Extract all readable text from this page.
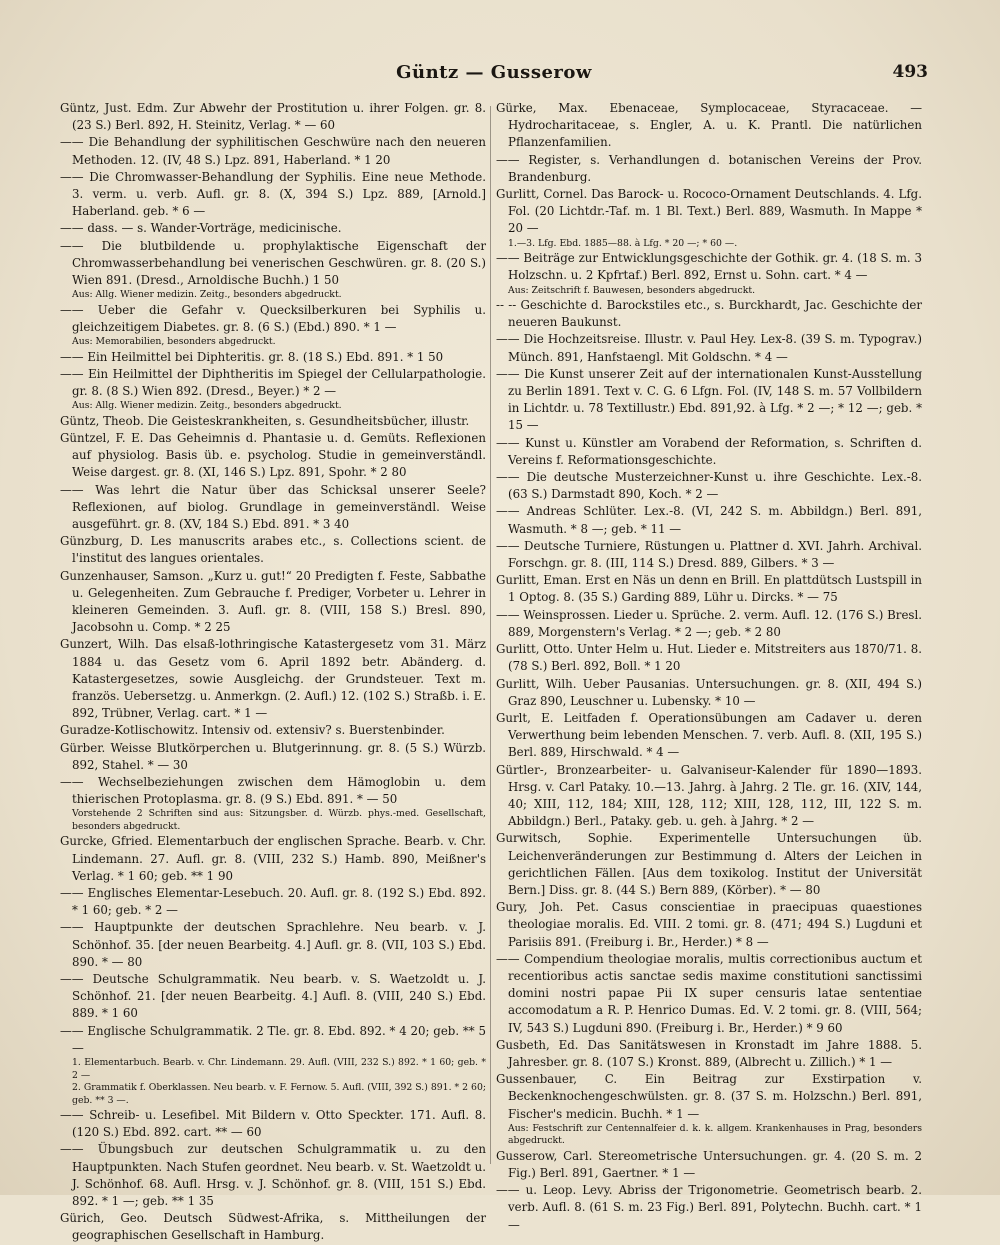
Güntz — Gusserow	493

Güntz, Just. Edm. Zur Abwehr der Prostitution u. ihrer Folgen. gr. 8. (23 S.) Berl. 892, H. Steinitz, Verlag. * — 60

—— Die Behandlung der syphilitischen Geschwüre nach den neueren Methoden. 12. (IV, 48 S.) Lpz. 891, Haberland. * 1 20

—— Die Chromwasser-Behandlung der Syphilis. Eine neue Methode. 3. verm. u. verb. Aufl. gr. 8. (X, 394 S.) Lpz. 889, [Arnold.] Haberland. geb. * 6 —

—— dass. — s. Wander-Vorträge, medicinische.

—— Die blutbildende u. prophylaktische Eigenschaft der Chromwasserbehandlung bei venerischen Geschwüren. gr. 8. (20 S.) Wien 891. (Dresd., Arnoldische Buchh.) 1 50

Aus: Allg. Wiener medizin. Zeitg., besonders abgedruckt.

—— Ueber die Gefahr v. Quecksilberkuren bei Syphilis u. gleichzeitigem Diabetes. gr. 8. (6 S.) (Ebd.) 890. * 1 —

Aus: Memorabilien, besonders abgedruckt.

—— Ein Heilmittel bei Diphteritis. gr. 8. (18 S.) Ebd. 891. * 1 50

—— Ein Heilmittel der Diphtheritis im Spiegel der Cellularpathologie. gr. 8. (8 S.) Wien 892. (Dresd., Beyer.) * 2 —

Aus: Allg. Wiener medizin. Zeitg., besonders abgedruckt.

Güntz, Theob. Die Geisteskrankheiten, s. Gesundheitsbücher, illustr.

Güntzel, F. E. Das Geheimnis d. Phantasie u. d. Gemüts. Reflexionen auf physiolog. Basis üb. e. psycholog. Studie in gemeinverständl. Weise dargest. gr. 8. (XI, 146 S.) Lpz. 891, Spohr. * 2 80

—— Was lehrt die Natur über das Schicksal unserer Seele? Reflexionen, auf biolog. Grundlage in gemeinverständl. Weise ausgeführt. gr. 8. (XV, 184 S.) Ebd. 891. * 3 40

Günzburg, D. Les manuscrits arabes etc., s. Collections scient. de l'institut des langues orientales.

Gunzenhauser, Samson. „Kurz u. gut!“ 20 Predigten f. Feste, Sabbathe u. Gelegenheiten. Zum Gebrauche f. Prediger, Vorbeter u. Lehrer in kleineren Gemeinden. 3. Aufl. gr. 8. (VIII, 158 S.) Bresl. 890, Jacobsohn u. Comp. * 2 25

Gunzert, Wilh. Das elsaß-lothringische Katastergesetz vom 31. März 1884 u. das Gesetz vom 6. April 1892 betr. Abänderg. d. Katastergesetzes, sowie Ausgleichg. der Grundsteuer. Text m. französ. Uebersetzg. u. Anmerkgn. (2. Aufl.) 12. (102 S.) Straßb. i. E. 892, Trübner, Verlag. cart. * 1 —

Guradze-Kotlischowitz. Intensiv od. extensiv? s. Buerstenbinder.

Gürber. Weisse Blutkörperchen u. Blutgerinnung. gr. 8. (5 S.) Würzb. 892, Stahel. * — 30

—— Wechselbeziehungen zwischen dem Hämoglobin u. dem thierischen Protoplasma. gr. 8. (9 S.) Ebd. 891. * — 50

Vorstehende 2 Schriften sind aus: Sitzungsber. d. Würzb. phys.-med. Gesellschaft, besonders abgedruckt.

Gurcke, Gfried. Elementarbuch der englischen Sprache. Bearb. v. Chr. Lindemann. 27. Aufl. gr. 8. (VIII, 232 S.) Hamb. 890, Meißner's Verlag. * 1 60; geb. ** 1 90

—— Englisches Elementar-Lesebuch. 20. Aufl. gr. 8. (192 S.) Ebd. 892. * 1 60; geb. * 2 —

—— Hauptpunkte der deutschen Sprachlehre. Neu bearb. v. J. Schönhof. 35. [der neuen Bearbeitg. 4.] Aufl. gr. 8. (VII, 103 S.) Ebd. 890. * — 80

—— Deutsche Schulgrammatik. Neu bearb. v. S. Waetzoldt u. J. Schönhof. 21. [der neuen Bearbeitg. 4.] Aufl. 8. (VIII, 240 S.) Ebd. 889. * 1 60

—— Englische Schulgrammatik. 2 Tle. gr. 8. Ebd. 892. * 4 20; geb. ** 5 —

1. Elementarbuch. Bearb. v. Chr. Lindemann. 29. Aufl. (VIII, 232 S.) 892. * 1 60; geb. * 2 —

2. Grammatik f. Oberklassen. Neu bearb. v. F. Fernow. 5. Aufl. (VIII, 392 S.) 891. * 2 60; geb. ** 3 —.

—— Schreib- u. Lesefibel. Mit Bildern v. Otto Speckter. 171. Aufl. 8. (120 S.) Ebd. 892. cart. ** — 60

—— Übungsbuch zur deutschen Schulgrammatik u. zu den Hauptpunkten. Nach Stufen geordnet. Neu bearb. v. St. Waetzoldt u. J. Schönhof. 68. Aufl. Hrsg. v. J. Schönhof. gr. 8. (VIII, 151 S.) Ebd. 892. * 1 —; geb. ** 1 35

Gürich, Geo. Deutsch Südwest-Afrika, s. Mittheilungen der geographischen Gesellschaft in Hamburg.

Gürke, Max. Ebenaceae, Symplocaceae, Styracaceae. — Hydrocharitaceae, s. Engler, A. u. K. Prantl. Die natürlichen Pflanzenfamilien.

—— Register, s. Verhandlungen d. botanischen Vereins der Prov. Brandenburg.

Gurlitt, Cornel. Das Barock- u. Rococo-Ornament Deutschlands. 4. Lfg. Fol. (20 Lichtdr.-Taf. m. 1 Bl. Text.) Berl. 889, Wasmuth. In Mappe * 20 —

1.—3. Lfg. Ebd. 1885—88. à Lfg. * 20 —; * 60 —.

—— Beiträge zur Entwicklungsgeschichte der Gothik. gr. 4. (18 S. m. 3 Holzschn. u. 2 Kpfrtaf.) Berl. 892, Ernst u. Sohn. cart. * 4 —

Aus: Zeitschrift f. Bauwesen, besonders abgedruckt.

-- -- Geschichte d. Barockstiles etc., s. Burckhardt, Jac. Geschichte der neueren Baukunst.

—— Die Hochzeitsreise. Illustr. v. Paul Hey. Lex-8. (39 S. m. Typograv.) Münch. 891, Hanfstaengl. Mit Goldschn. * 4 —

—— Die Kunst unserer Zeit auf der internationalen Kunst-Ausstellung zu Berlin 1891. Text v. C. G. 6 Lfgn. Fol. (IV, 148 S. m. 57 Vollbildern in Lichtdr. u. 78 Textillustr.) Ebd. 891,92. à Lfg. * 2 —; * 12 —; geb. * 15 —

—— Kunst u. Künstler am Vorabend der Reformation, s. Schriften d. Vereins f. Reformationsgeschichte.

—— Die deutsche Musterzeichner-Kunst u. ihre Geschichte. Lex.-8. (63 S.) Darmstadt 890, Koch. * 2 —

—— Andreas Schlüter. Lex.-8. (VI, 242 S. m. Abbildgn.) Berl. 891, Wasmuth. * 8 —; geb. * 11 —

—— Deutsche Turniere, Rüstungen u. Plattner d. XVI. Jahrh. Archival. Forschgn. gr. 8. (III, 114 S.) Dresd. 889, Gilbers. * 3 —

Gurlitt, Eman. Erst en Näs un denn en Brill. En plattdütsch Lustspill in 1 Optog. 8. (35 S.) Garding 889, Lühr u. Dircks. * — 75

—— Weinsprossen. Lieder u. Sprüche. 2. verm. Aufl. 12. (176 S.) Bresl. 889, Morgenstern's Verlag. * 2 —; geb. * 2 80

Gurlitt, Otto. Unter Helm u. Hut. Lieder e. Mitstreiters aus 1870/71. 8. (78 S.) Berl. 892, Boll. * 1 20

Gurlitt, Wilh. Ueber Pausanias. Untersuchungen. gr. 8. (XII, 494 S.) Graz 890, Leuschner u. Lubensky. * 10 —

Gurlt, E. Leitfaden f. Operationsübungen am Cadaver u. deren Verwerthung beim lebenden Menschen. 7. verb. Aufl. 8. (XII, 195 S.) Berl. 889, Hirschwald. * 4 —

Gürtler-, Bronzearbeiter- u. Galvaniseur-Kalender für 1890—1893. Hrsg. v. Carl Pataky. 10.—13. Jahrg. à Jahrg. 2 Tle. gr. 16. (XIV, 144, 40; XIII, 112, 184; XIII, 128, 112; XIII, 128, 112, III, 122 S. m. Abbildgn.) Berl., Pataky. geb. u. geh. à Jahrg. * 2 —

Gurwitsch, Sophie. Experimentelle Untersuchungen üb. Leichenveränderungen zur Bestimmung d. Alters der Leichen in gerichtlichen Fällen. [Aus dem toxikolog. Institut der Universität Bern.] Diss. gr. 8. (44 S.) Bern 889, (Körber). * — 80

Gury, Joh. Pet. Casus conscientiae in praecipuas quaestiones theologiae moralis. Ed. VIII. 2 tomi. gr. 8. (471; 494 S.) Lugduni et Parisiis 891. (Freiburg i. Br., Herder.) * 8 —

—— Compendium theologiae moralis, multis correctionibus auctum et recentioribus actis sanctae sedis maxime constitutioni sanctissimi domini nostri papae Pii IX super censuris latae sententiae accomodatum a R. P. Henrico Dumas. Ed. V. 2 tomi. gr. 8. (VIII, 564; IV, 543 S.) Lugduni 890. (Freiburg i. Br., Herder.) * 9 60

Gusbeth, Ed. Das Sanitätswesen in Kronstadt im Jahre 1888. 5. Jahresber. gr. 8. (107 S.) Kronst. 889, (Albrecht u. Zillich.) * 1 —

Gussenbauer, C. Ein Beitrag zur Exstirpation v. Beckenknochengeschwülsten. gr. 8. (37 S. m. Holzschn.) Berl. 891, Fischer's medicin. Buchh. * 1 —

Aus: Festschrift zur Centennalfeier d. k. k. allgem. Krankenhauses in Prag, besonders abgedruckt.

Gusserow, Carl. Stereometrische Untersuchungen. gr. 4. (20 S. m. 2 Fig.) Berl. 891, Gaertner. * 1 —

—— u. Leop. Levy. Abriss der Trigonometrie. Geometrisch bearb. 2. verb. Aufl. 8. (61 S. m. 23 Fig.) Berl. 891, Polytechn. Buchh. cart. * 1 —
